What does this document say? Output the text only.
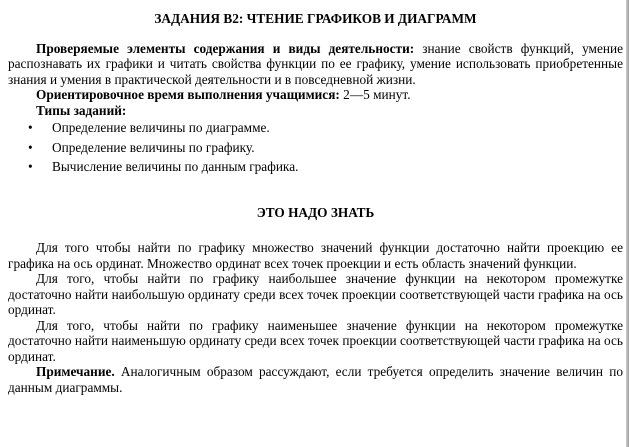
ЗАДАНИЯ В2: ЧТЕНИЕ ГРАФИКОВ И ДИАГРАММ

Проверяемые элементы содержания и виды деятельности: знание свойств функций, умение распознавать их графики и читать свойства функции по ее графику, умение использовать приобретенные знания и умения в практической деятельности и в повседневной жизни.

Ориентировочное время выполнения учащимися: 2—5 минут.

Типы заданий:

• Определение величины по диаграмме.
• Определение величины по графику.
• Вычисление величины по данным графика.
ЭТО НАДО ЗНАТЬ

Для того чтобы найти по графику множество значений функции достаточно найти проекцию ее графика на ось ординат. Множество ординат всех точек проекции и есть область значений функции.

Для того, чтобы найти по графику наибольшее значение функции на некотором промежутке достаточно найти наибольшую ординату среди всех точек проекции соответствующей части графика на ось ординат.

Для того, чтобы найти по графику наименьшее значение функции на некотором промежутке достаточно найти наименьшую ординату среди всех точек проекции соответствующей части графика на ось ординат.

Примечание. Аналогичным образом рассуждают, если требуется определить значение величин по данным диаграммы.
